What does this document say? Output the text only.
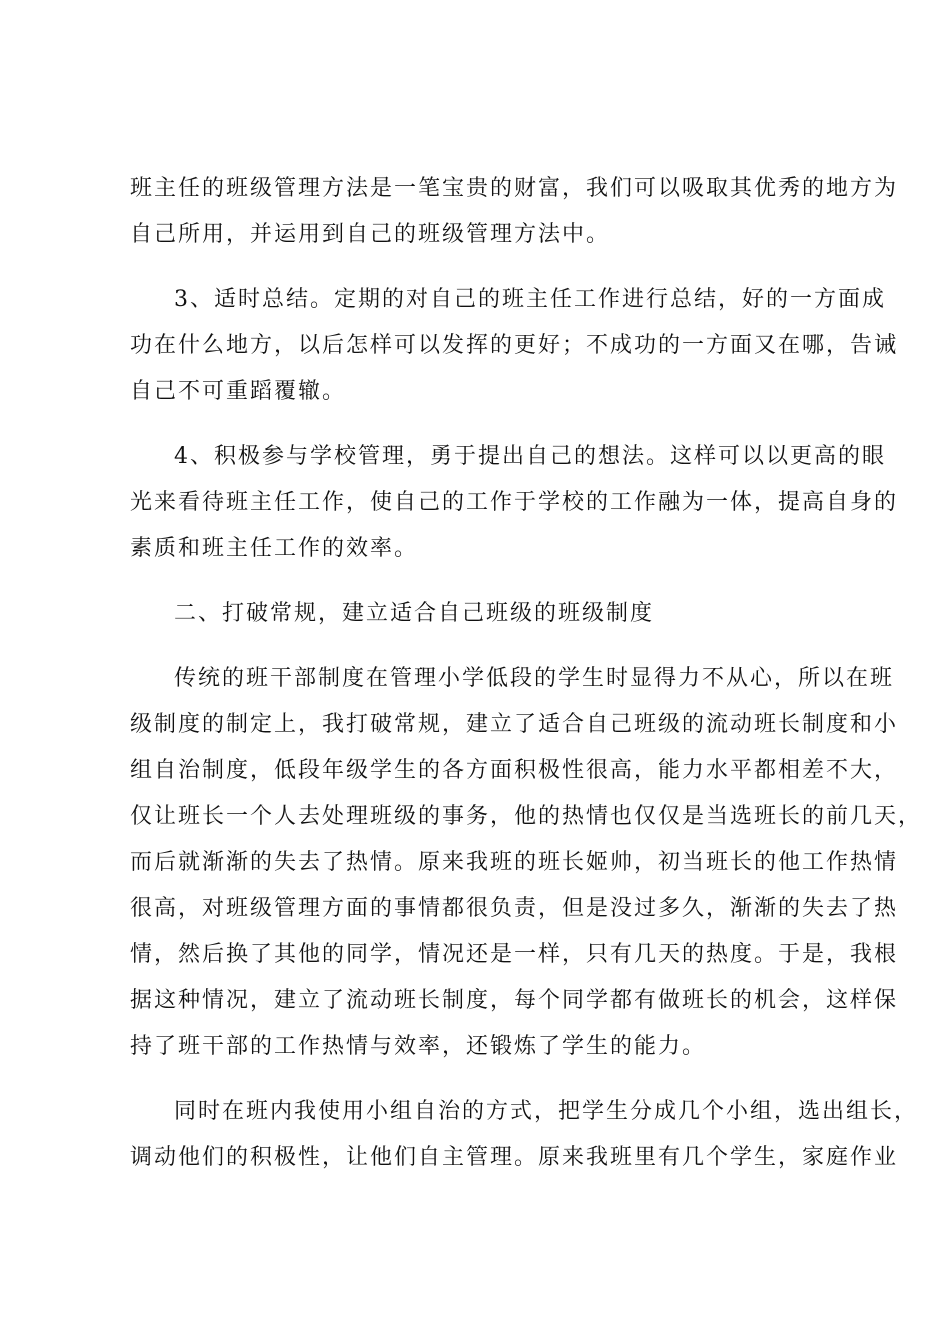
班主任的班级管理方法是一笔宝贵的财富，我们可以吸取其优秀的地方为
自己所用，并运用到自己的班级管理方法中。

3、适时总结。定期的对自己的班主任工作进行总结，好的一方面成
功在什么地方，以后怎样可以发挥的更好；不成功的一方面又在哪，告诫
自己不可重蹈覆辙。

4、积极参与学校管理，勇于提出自己的想法。这样可以以更高的眼
光来看待班主任工作，使自己的工作于学校的工作融为一体，提高自身的
素质和班主任工作的效率。

二、打破常规，建立适合自己班级的班级制度

传统的班干部制度在管理小学低段的学生时显得力不从心，所以在班
级制度的制定上，我打破常规，建立了适合自己班级的流动班长制度和小
组自治制度，低段年级学生的各方面积极性很高，能力水平都相差不大，
仅让班长一个人去处理班级的事务，他的热情也仅仅是当选班长的前几天，
而后就渐渐的失去了热情。原来我班的班长姬帅，初当班长的他工作热情
很高，对班级管理方面的事情都很负责，但是没过多久，渐渐的失去了热
情，然后换了其他的同学，情况还是一样，只有几天的热度。于是，我根
据这种情况，建立了流动班长制度，每个同学都有做班长的机会，这样保
持了班干部的工作热情与效率，还锻炼了学生的能力。

同时在班内我使用小组自治的方式，把学生分成几个小组，选出组长，
调动他们的积极性，让他们自主管理。原来我班里有几个学生，家庭作业
